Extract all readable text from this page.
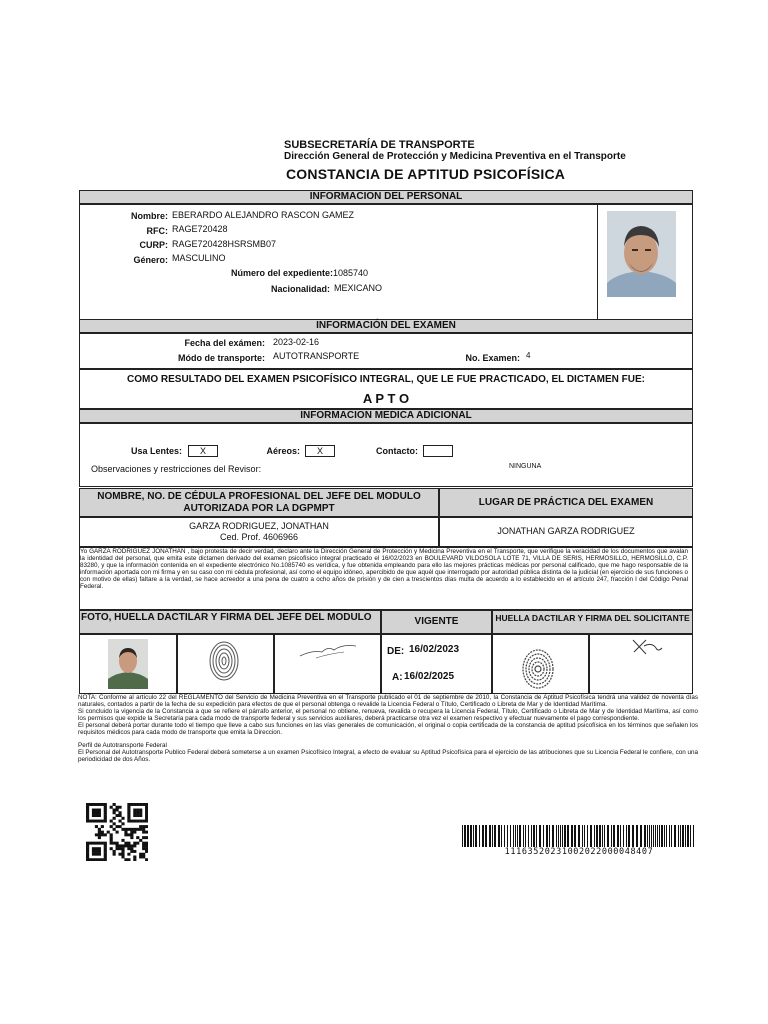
SUBSECRETARÍA DE TRANSPORTE
Dirección General de Protección y Medicina Preventiva en el Transporte
CONSTANCIA DE APTITUD PSICOFÍSICA
INFORMACION DEL PERSONAL
Nombre: EBERARDO ALEJANDRO RASCON GAMEZ
RFC: RAGE720428
CURP: RAGE720428HSRSMB07
Género: MASCULINO
Número del expediente: 1085740
Nacionalidad: MEXICANO
INFORMACIÓN DEL EXAMEN
Fecha del exámen: 2023-02-16
Módo de transporte: AUTOTRANSPORTE	No. Examen: 4
COMO RESULTADO DEL EXAMEN PSICOFÍSICO INTEGRAL, QUE LE FUE PRACTICADO, EL DICTAMEN FUE:
A P T O
INFORMACION MEDICA ADICIONAL
Usa Lentes:	X	Aéreos:	X	Contacto:
Observaciones y restricciones del Revisor:	NINGUNA
NOMBRE, NO. DE CÉDULA PROFESIONAL DEL JEFE DEL MODULO AUTORIZADA POR LA DGPMPT
LUGAR DE PRÁCTICA DEL EXAMEN
GARZA RODRIGUEZ, JONATHAN
Ced. Prof. 4606966
JONATHAN GARZA RODRIGUEZ
Yo GARZA RODRIGUEZ JONATHAN , bajo protesta de decir verdad, declaro ante la Dirección General de Protección y Medicina Preventiva en el Transporte, que verifique la veracidad de los documentos que avalan la identidad del personal, que emita este dictamen derivado del examen psicofísico integral practicado el 16/02/2023 en BOULEVARD VILDOSOLA LOTE 71, VILLA DE SERIS, HERMOSILLO, HERMOSILLO, C.P. 83280, y que la información contenida en el expediente electrónico No.1085740 es verídica, y fue obtenida empleando para ello las mejores prácticas médicas por personal calificado, que me hago responsable de la información aportada con mi firma y en su caso con mi cédula profesional, así como el equipo idóneo, apercibido de que aquél que interrogado por autoridad pública distinta de la judicial (en ejercicio de sus funciones o con motivo de ellas) faltare a la verdad, se hace acreedor a una pena de cuatro a ocho años de prisión y de cien a trescientos días multa de acuerdo a lo establecido en el artículo 247, fracción I del Código Penal Federal.
FOTO, HUELLA DACTILAR Y FIRMA DEL JEFE DEL MODULO	VIGENTE	HUELLA DACTILAR Y FIRMA DEL SOLICITANTE
DE: 16/02/2023
A: 16/02/2025
NOTA: Conforme al artículo 22 del REGLAMENTO del Servicio de Medicina Preventiva en el Transporte publicado el 01 de septiembre de 2010, la Constancia de Aptitud Psicofísica tendrá una validez de noventa días naturales, contados a partir de la fecha de su expedición para efectos de que el personal obtenga o revalide la Licencia Federal o Título, Certificado o Libreta de Mar y de Identidad Marítima.
Si concluido la vigencia de la Constancia a que se refiere el párrafo anterior, el personal no obtiene, renueva, revalida o recupera la Licencia Federal, Título, Certificado o Libreta de Mar y de Identidad Marítima, así como los permisos que expide la Secretaría para cada modo de transporte federal y sus servicios auxiliares, deberá practicarse otra vez el examen respectivo y efectuar nuevamente el pago correspondiente.
El personal deberá portar durante todo el tiempo que lleve a cabo sus funciones en las vías generales de comunicación, el original o copia certificada de la constancia de aptitud psicofísica en los términos que señalen los requisitos médicos para cada modo de transporte que emita la Direccion.
Perfil de Autotransporte Federal
El Personal del Autotransporte Publico Federal deberá someterse a un examen Psicofísico Integral, a efecto de evaluar su Aptitud Psicofísica para el ejercicio de las atribuciones que su Licencia Federal le confiere, con una periodicidad de dos Años.
11163520231002022000048407
